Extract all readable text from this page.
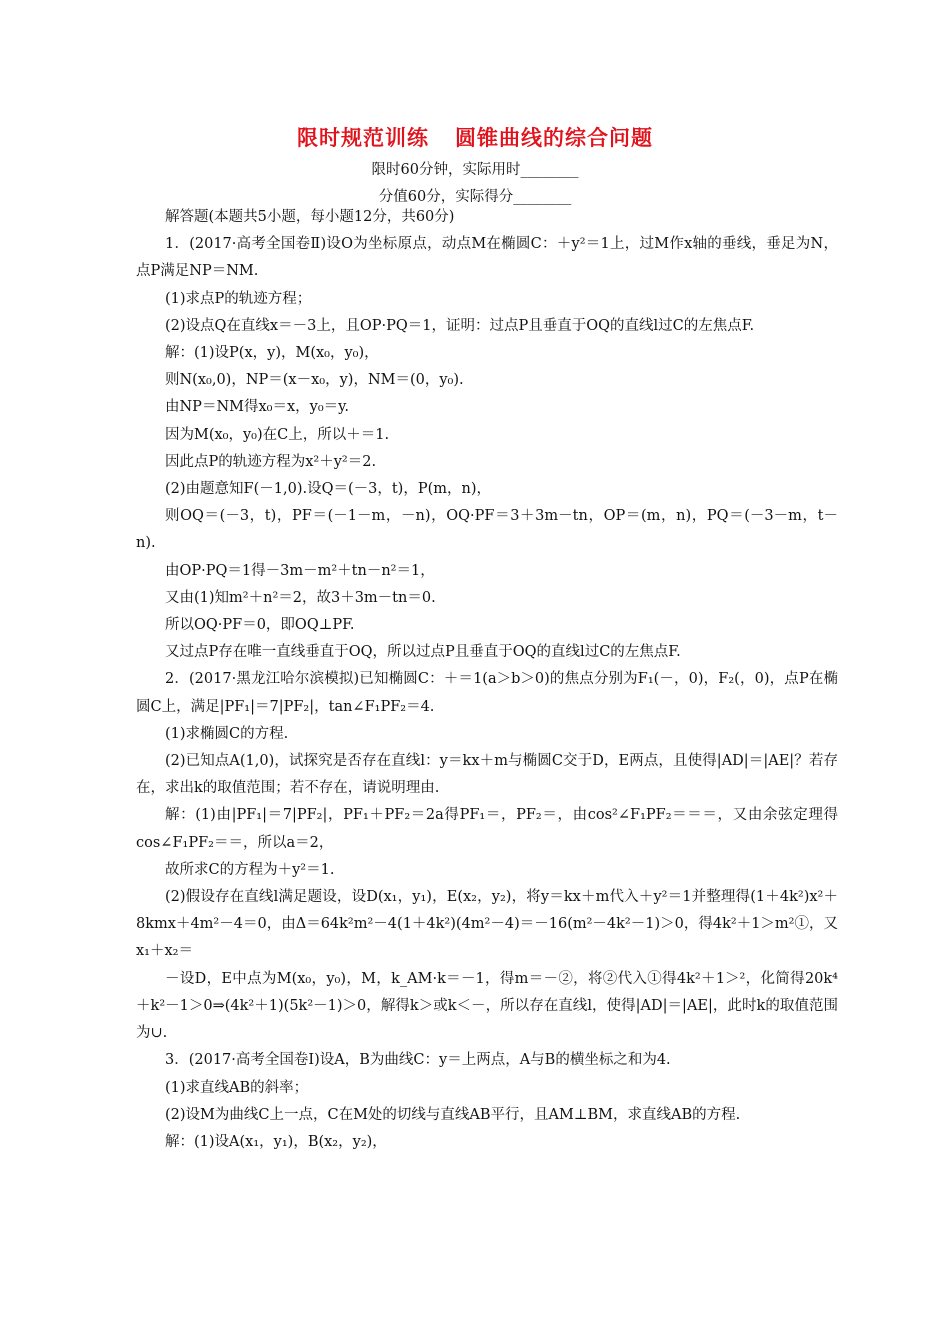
限时规范训练 圆锥曲线的综合问题
限时60分钟，实际用时________
分值60分，实际得分________

解答题(本题共5小题，每小题12分，共60分)

1．(2017·高考全国卷Ⅱ)设O为坐标原点，动点M在椭圆C：＋y²＝1上，过M作x轴的垂线，垂足为N，点P满足NP＝NM.

(1)求点P的轨迹方程；

(2)设点Q在直线x＝－3上，且OP·PQ＝1，证明：过点P且垂直于OQ的直线l过C的左焦点F.

解：(1)设P(x，y)，M(x₀，y₀)，

则N(x₀,0)，NP＝(x－x₀，y)，NM＝(0，y₀).

由NP＝NM得x₀＝x，y₀＝y.

因为M(x₀，y₀)在C上，所以＋＝1.

因此点P的轨迹方程为x²＋y²＝2.

(2)由题意知F(－1,0).设Q＝(－3，t)，P(m，n)，

则OQ＝(－3，t)，PF＝(－1－m，－n)，OQ·PF＝3＋3m－tn，OP＝(m，n)，PQ＝(－3－m，t－n).

由OP·PQ＝1得－3m－m²＋tn－n²＝1，

又由(1)知m²＋n²＝2，故3＋3m－tn＝0.

所以OQ·PF＝0，即OQ⊥PF.

又过点P存在唯一直线垂直于OQ，所以过点P且垂直于OQ的直线l过C的左焦点F.

2．(2017·黑龙江哈尔滨模拟)已知椭圆C：＋＝1(a＞b＞0)的焦点分别为F₁(－，0)，F₂(，0)，点P在椭圆C上，满足|PF₁|＝7|PF₂|，tan∠F₁PF₂＝4.

(1)求椭圆C的方程.

(2)已知点A(1,0)，试探究是否存在直线l：y＝kx＋m与椭圆C交于D，E两点，且使得|AD|＝|AE|？若存在，求出k的取值范围；若不存在，请说明理由.

解：(1)由|PF₁|＝7|PF₂|，PF₁＋PF₂＝2a得PF₁＝，PF₂＝，由cos²∠F₁PF₂＝＝＝，又由余弦定理得cos∠F₁PF₂＝＝，所以a＝2，

故所求C的方程为＋y²＝1.

(2)假设存在直线l满足题设，设D(x₁，y₁)，E(x₂，y₂)，将y＝kx＋m代入＋y²＝1并整理得(1＋4k²)x²＋8kmx＋4m²－4＝0，由Δ＝64k²m²－4(1＋4k²)(4m²－4)＝－16(m²－4k²－1)＞0，得4k²＋1＞m²①，又x₁＋x₂＝

－设D，E中点为M(x₀，y₀)，M，k_AM·k＝－1，得m＝－②，将②代入①得4k²＋1＞²，化简得20k⁴＋k²－1＞0⇒(4k²＋1)(5k²－1)＞0，解得k＞或k＜－，所以存在直线l，使得|AD|＝|AE|，此时k的取值范围为∪.

3．(2017·高考全国卷Ⅰ)设A，B为曲线C：y＝上两点，A与B的横坐标之和为4.

(1)求直线AB的斜率；

(2)设M为曲线C上一点，C在M处的切线与直线AB平行，且AM⊥BM，求直线AB的方程.

解：(1)设A(x₁，y₁)，B(x₂，y₂)，
